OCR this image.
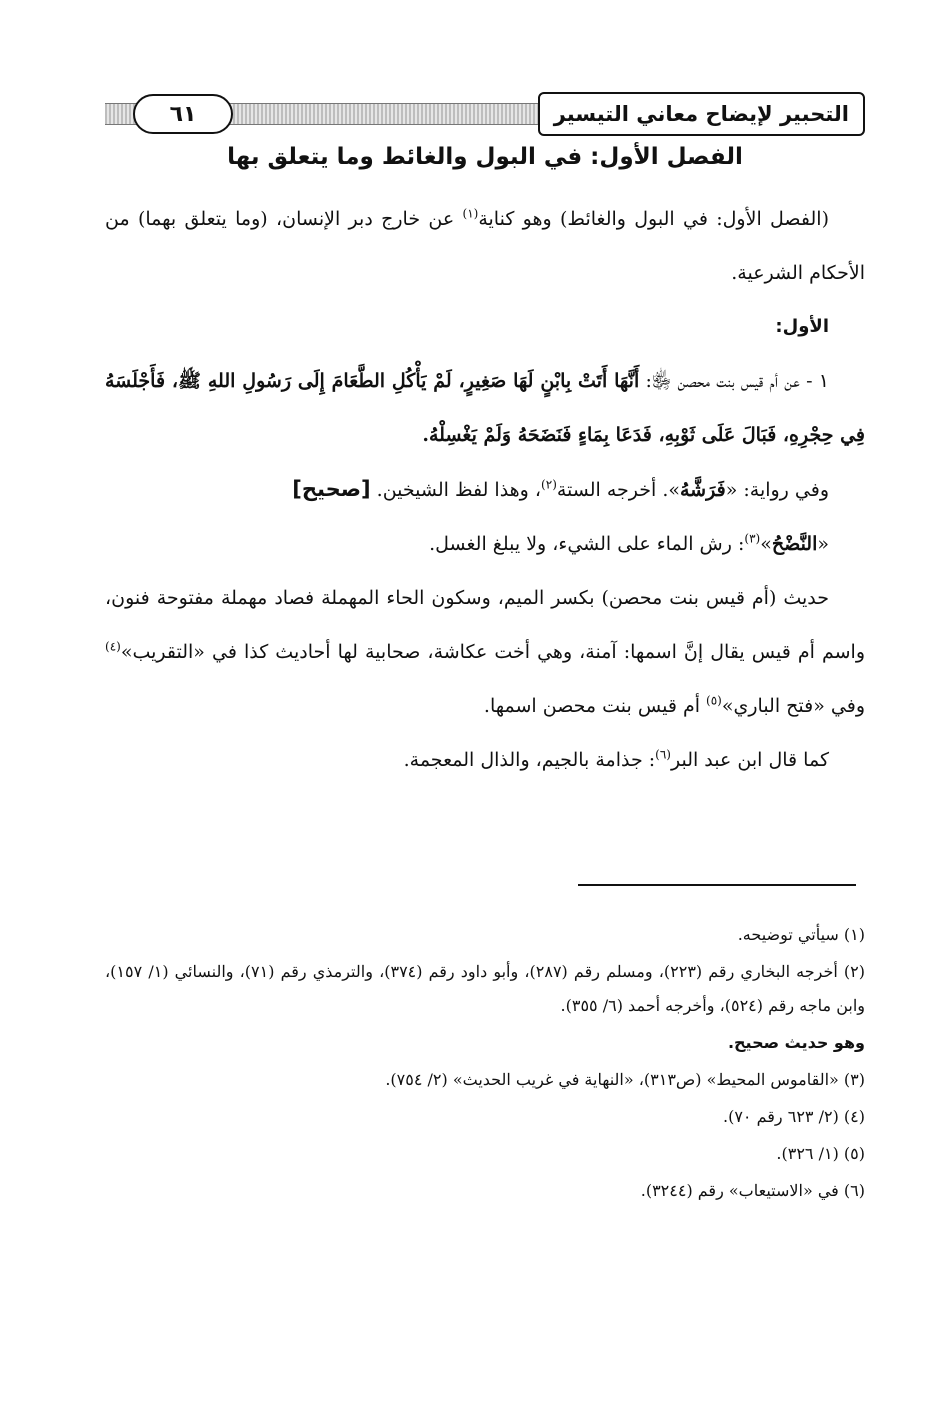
التحبير لإيضاح معاني التيسير
٦١
الفصل الأول: في البول والغائط وما يتعلق بها

(الفصل الأول: في البول والغائط) وهو كناية$^{(١)}$ عن خارج دبر الإنسان، (وما يتعلق بهما) من الأحكام الشرعية.

الأول:

١ - عن أم قيس بنت محصن ﵂: أَنَّهَا أَتَتْ بِابْنٍ لَهَا صَغِيرٍ، لَمْ يَأْكُلِ الطَّعَامَ إِلَى رَسُولِ اللهِ ﷺ، فَأَجْلَسَهُ فِي حِجْرِهِ، فَبَالَ عَلَى ثَوْبِهِ، فَدَعَا بِمَاءٍ فَنَضَحَهُ وَلَمْ يَغْسِلْهُ.

وفي رواية: «فَرَشَّهُ». أخرجه الستة$^{(٢)}$، وهذا لفظ الشيخين. [صحيح]

«النَّضْحُ»$^{(٣)}$: رش الماء على الشيء، ولا يبلغ الغسل.

حديث (أم قيس بنت محصن) بكسر الميم، وسكون الحاء المهملة فصاد مهملة مفتوحة فنون، واسم أم قيس يقال إنَّ اسمها: آمنة، وهي أخت عكاشة، صحابية لها أحاديث كذا في «التقريب»$^{(٤)}$ وفي «فتح الباري»$^{(٥)}$ أم قيس بنت محصن اسمها.

كما قال ابن عبد البر$^{(٦)}$: جذامة بالجيم، والذال المعجمة.

(١) سيأتي توضيحه.

(٢) أخرجه البخاري رقم (٢٢٣)، ومسلم رقم (٢٨٧)، وأبو داود رقم (٣٧٤)، والترمذي رقم (٧١)، والنسائي (١/ ١٥٧)، وابن ماجه رقم (٥٢٤)، وأخرجه أحمد (٦/ ٣٥٥).

وهو حديث صحيح.

(٣) «القاموس المحيط» (ص٣١٣)، «النهاية في غريب الحديث» (٢/ ٧٥٤).

(٤) (٢/ ٦٢٣ رقم ٧٠).

(٥) (١/ ٣٢٦).

(٦) في «الاستيعاب» رقم (٣٢٤٤).
